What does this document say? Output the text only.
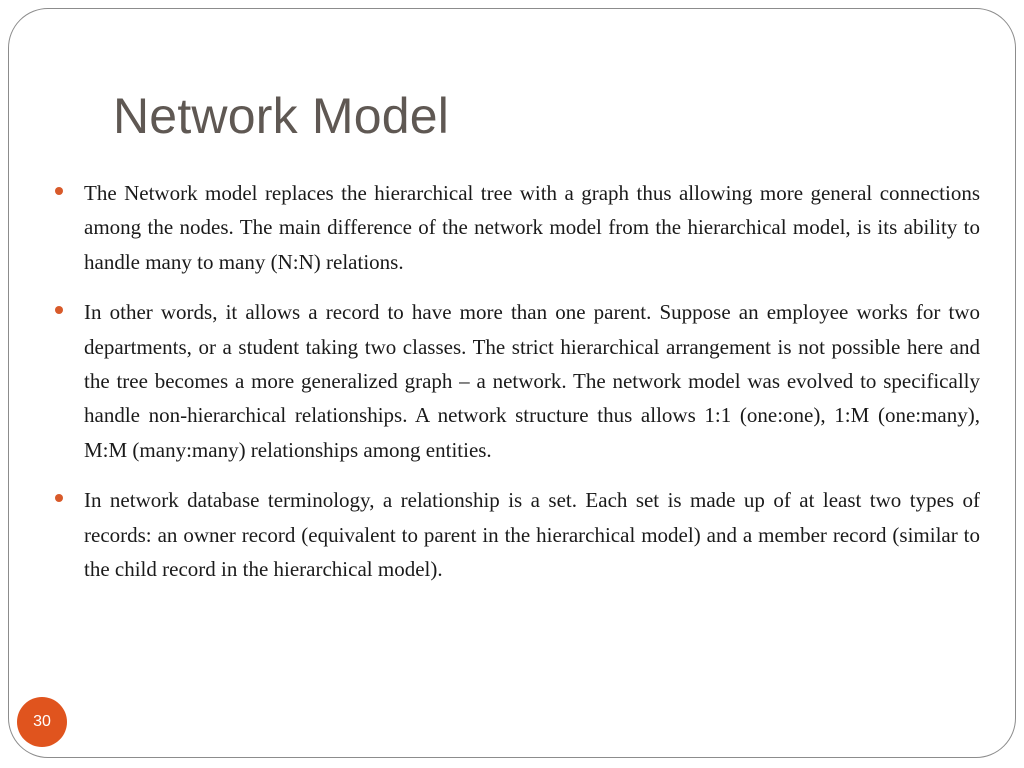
Network Model
The Network model replaces the hierarchical tree with a graph thus allowing more general connections among the nodes. The main difference of the network model from the hierarchical model, is its ability to handle many to many (N:N) relations.
In other words, it allows a record to have more than one parent. Suppose an employee works for two departments, or a student taking two classes. The strict hierarchical arrangement is not possible here and the tree becomes a more generalized graph – a network. The network model was evolved to specifically handle non-hierarchical relationships. A network structure thus allows 1:1 (one:one), 1:M (one:many), M:M (many:many) relationships among entities.
In network database terminology, a relationship is a set. Each set is made up of at least two types of records: an owner record (equivalent to parent in the hierarchical model) and a member record (similar to the child record in the hierarchical model).
30
